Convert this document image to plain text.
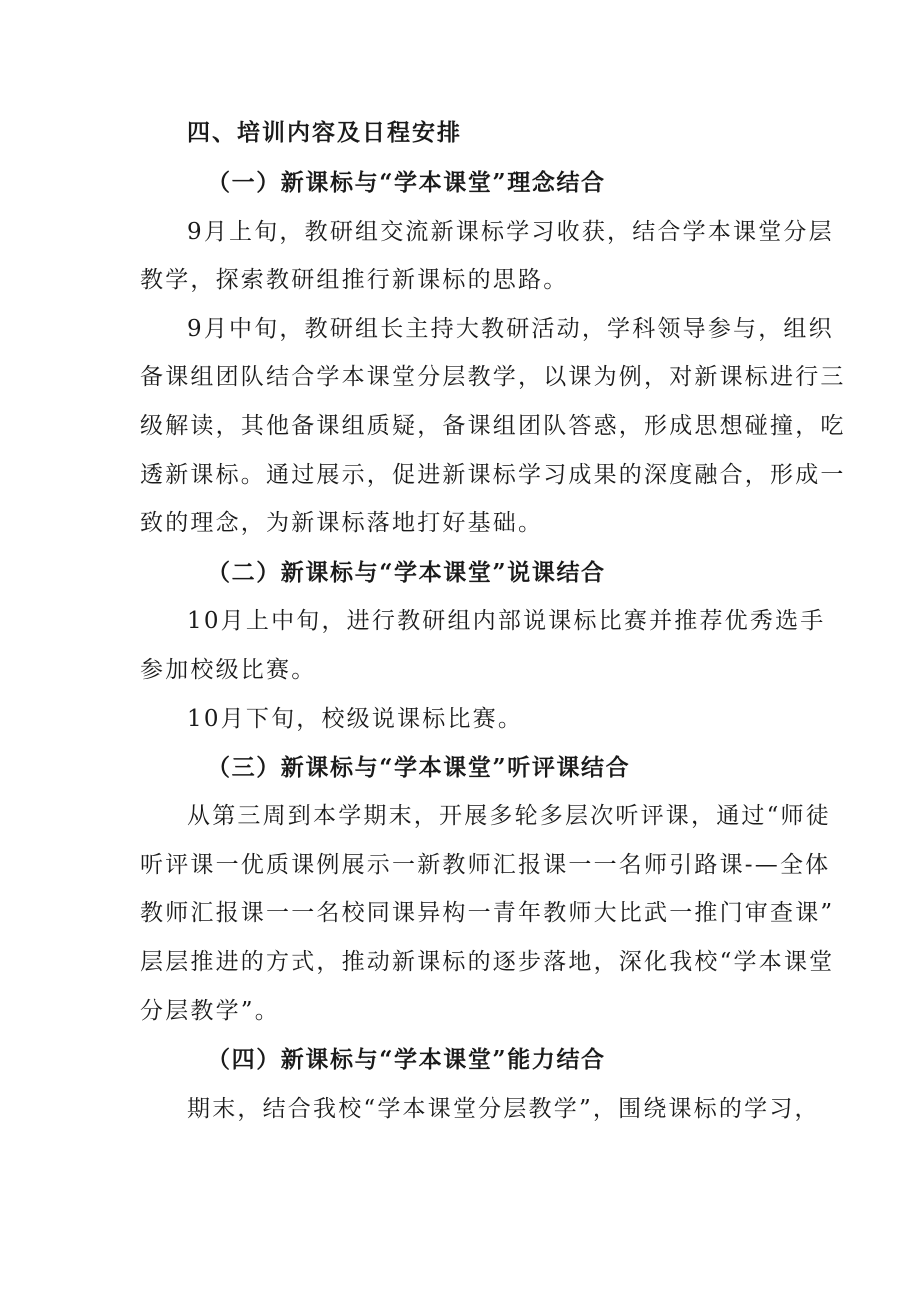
四、培训内容及日程安排
（一）新课标与“学本课堂”理念结合
9月上旬，教研组交流新课标学习收获，结合学本课堂分层
教学，探索教研组推行新课标的思路。
9月中旬，教研组长主持大教研活动，学科领导参与，组织
备课组团队结合学本课堂分层教学，以课为例，对新课标进行三
级解读，其他备课组质疑，备课组团队答惑，形成思想碰撞，吃
透新课标。通过展示，促进新课标学习成果的深度融合，形成一
致的理念，为新课标落地打好基础。
（二）新课标与“学本课堂”说课结合
10月上中旬，进行教研组内部说课标比赛并推荐优秀选手
参加校级比赛。
10月下旬，校级说课标比赛。
（三）新课标与“学本课堂”听评课结合
从第三周到本学期末，开展多轮多层次听评课，通过“师徒
听评课一优质课例展示一新教师汇报课一一名师引路课-—全体
教师汇报课一一名校同课异构一青年教师大比武一推门审查课”
层层推进的方式，推动新课标的逐步落地，深化我校“学本课堂
分层教学”。
（四）新课标与“学本课堂”能力结合
期末，结合我校“学本课堂分层教学”，围绕课标的学习，
